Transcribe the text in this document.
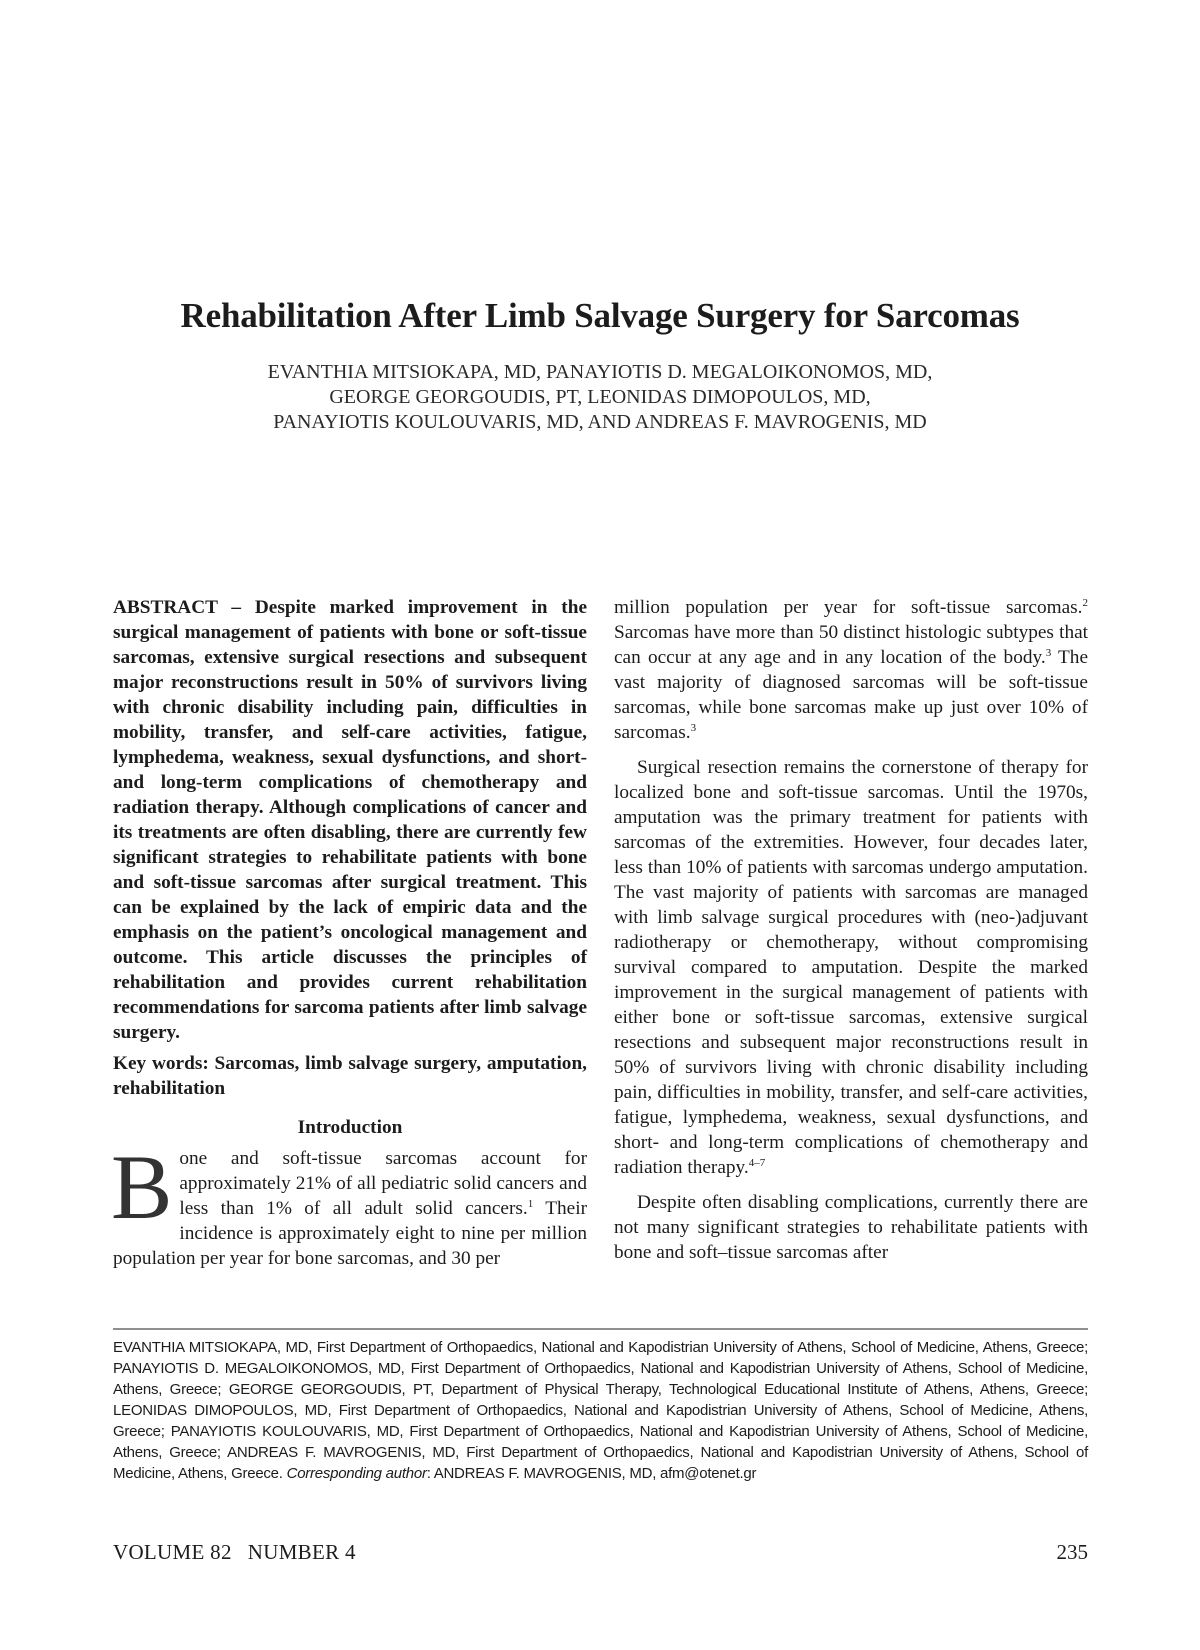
Rehabilitation After Limb Salvage Surgery for Sarcomas
EVANTHIA MITSIOKAPA, MD, PANAYIOTIS D. MEGALOIKONOMOS, MD,
GEORGE GEORGOUDIS, PT, LEONIDAS DIMOPOULOS, MD,
PANAYIOTIS KOULOUVARIS, MD, AND ANDREAS F. MAVROGENIS, MD

ABSTRACT – Despite marked improvement in the surgical management of patients with bone or soft-tissue sarcomas, extensive surgical resections and subsequent major reconstructions result in 50% of survivors living with chronic disability including pain, difficulties in mobility, transfer, and self-care activities, fatigue, lymphedema, weakness, sexual dysfunctions, and short- and long-term complications of chemotherapy and radiation therapy. Although complications of cancer and its treatments are often disabling, there are currently few significant strategies to rehabilitate patients with bone and soft-tissue sarcomas after surgical treatment. This can be explained by the lack of empiric data and the emphasis on the patient’s oncological management and outcome. This article discusses the principles of rehabilitation and provides current rehabilitation recommendations for sarcoma patients after limb salvage surgery.

Key words: Sarcomas, limb salvage surgery, amputation, rehabilitation

Introduction

Bone and soft-tissue sarcomas account for approximately 21% of all pediatric solid cancers and less than 1% of all adult solid cancers.$^1$ Their incidence is approximately eight to nine per million population per year for bone sarcomas, and 30 per

million population per year for soft-tissue sarcomas.$^2$ Sarcomas have more than 50 distinct histologic subtypes that can occur at any age and in any location of the body.$^3$ The vast majority of diagnosed sarcomas will be soft-tissue sarcomas, while bone sarcomas make up just over 10% of sarcomas.$^3$

Surgical resection remains the cornerstone of therapy for localized bone and soft-tissue sarcomas. Until the 1970s, amputation was the primary treatment for patients with sarcomas of the extremities. However, four decades later, less than 10% of patients with sarcomas undergo amputation. The vast majority of patients with sarcomas are managed with limb salvage surgical procedures with (neo-)adjuvant radiotherapy or chemotherapy, without compromising survival compared to amputation. Despite the marked improvement in the surgical management of patients with either bone or soft-tissue sarcomas, extensive surgical resections and subsequent major reconstructions result in 50% of survivors living with chronic disability including pain, difficulties in mobility, transfer, and self-care activities, fatigue, lymphedema, weakness, sexual dysfunctions, and short- and long-term complications of chemotherapy and radiation therapy.$^{4-7}$

Despite often disabling complications, currently there are not many significant strategies to rehabilitate patients with bone and soft–tissue sarcomas after

EVANTHIA MITSIOKAPA, MD, First Department of Orthopaedics, National and Kapodistrian University of Athens, School of Medicine, Athens, Greece; PANAYIOTIS D. MEGALOIKONOMOS, MD, First Department of Orthopaedics, National and Kapodistrian University of Athens, School of Medicine, Athens, Greece; GEORGE GEORGOUDIS, PT, Department of Physical Therapy, Technological Educational Institute of Athens, Athens, Greece; LEONIDAS DIMOPOULOS, MD, First Department of Orthopaedics, National and Kapodistrian University of Athens, School of Medicine, Athens, Greece; PANAYIOTIS KOULOUVARIS, MD, First Department of Orthopaedics, National and Kapodistrian University of Athens, School of Medicine, Athens, Greece; ANDREAS F. MAVROGENIS, MD, First Department of Orthopaedics, National and Kapodistrian University of Athens, School of Medicine, Athens, Greece. Corresponding author: ANDREAS F. MAVROGENIS, MD, afm@otenet.gr

VOLUME 82 NUMBER 4	235
